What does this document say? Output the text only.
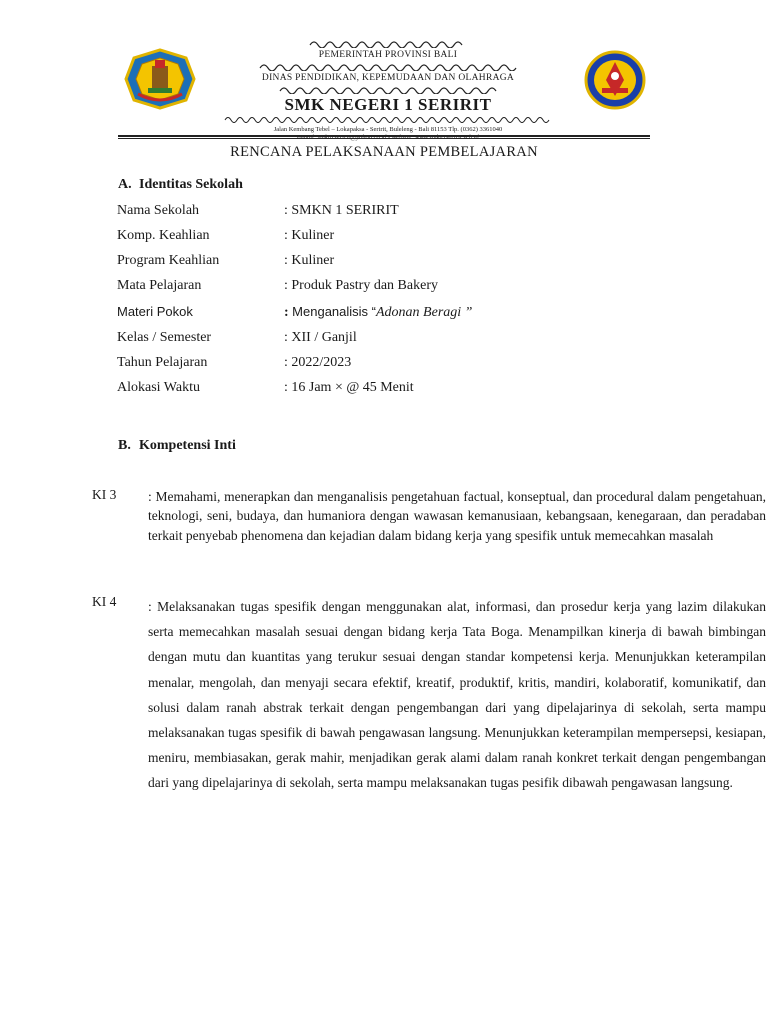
PEMERINTAH PROVINSI BALI
DINAS PENDIDIKAN, KEPEMUDAAN DAN OLAHRAGA
SMK NEGERI 1 SERIRIT
Jalan Kembang Tebel – Lokapaksa - Seririt, Buleleng - Bali 81153 Tlp. (0362) 3361040
e-mail: smkn1seririt@yahoo.co.id - website: www.smkn1seririt.sch.id
RENCANA PELAKSANAAN PEMBELAJARAN
A. Identitas Sekolah
Nama Sekolah	: SMKN 1 SERIRIT
Komp. Keahlian	: Kuliner
Program Keahlian	: Kuliner
Mata Pelajaran	: Produk Pastry dan Bakery
Materi Pokok	: Menganalisis “Adonan Beragi ”
Kelas / Semester	: XII / Ganjil
Tahun Pelajaran	: 2022/2023
Alokasi Waktu	: 16 Jam × @ 45 Menit
B. Kompetensi Inti
KI 3 : Memahami, menerapkan dan menganalisis pengetahuan factual, konseptual, dan procedural dalam pengetahuan, teknologi, seni, budaya, dan humaniora dengan wawasan kemanusiaan, kebangsaan, kenegaraan, dan peradaban terkait penyebab phenomena dan kejadian dalam bidang kerja yang spesifik untuk memecahkan masalah
KI 4 : Melaksanakan tugas spesifik dengan menggunakan alat, informasi, dan prosedur kerja yang lazim dilakukan serta memecahkan masalah sesuai dengan bidang kerja Tata Boga. Menampilkan kinerja di bawah bimbingan dengan mutu dan kuantitas yang terukur sesuai dengan standar kompetensi kerja. Menunjukkan keterampilan menalar, mengolah, dan menyaji secara efektif, kreatif, produktif, kritis, mandiri, kolaboratif, komunikatif, dan solusi dalam ranah abstrak terkait dengan pengembangan dari yang dipelajarinya di sekolah, serta mampu melaksanakan tugas spesifik di bawah pengawasan langsung. Menunjukkan keterampilan mempersepsi, kesiapan, meniru, membiasakan, gerak mahir, menjadikan gerak alami dalam ranah konkret terkait dengan pengembangan dari yang dipelajarinya di sekolah, serta mampu melaksanakan tugas pesifik dibawah pengawasan langsung.
